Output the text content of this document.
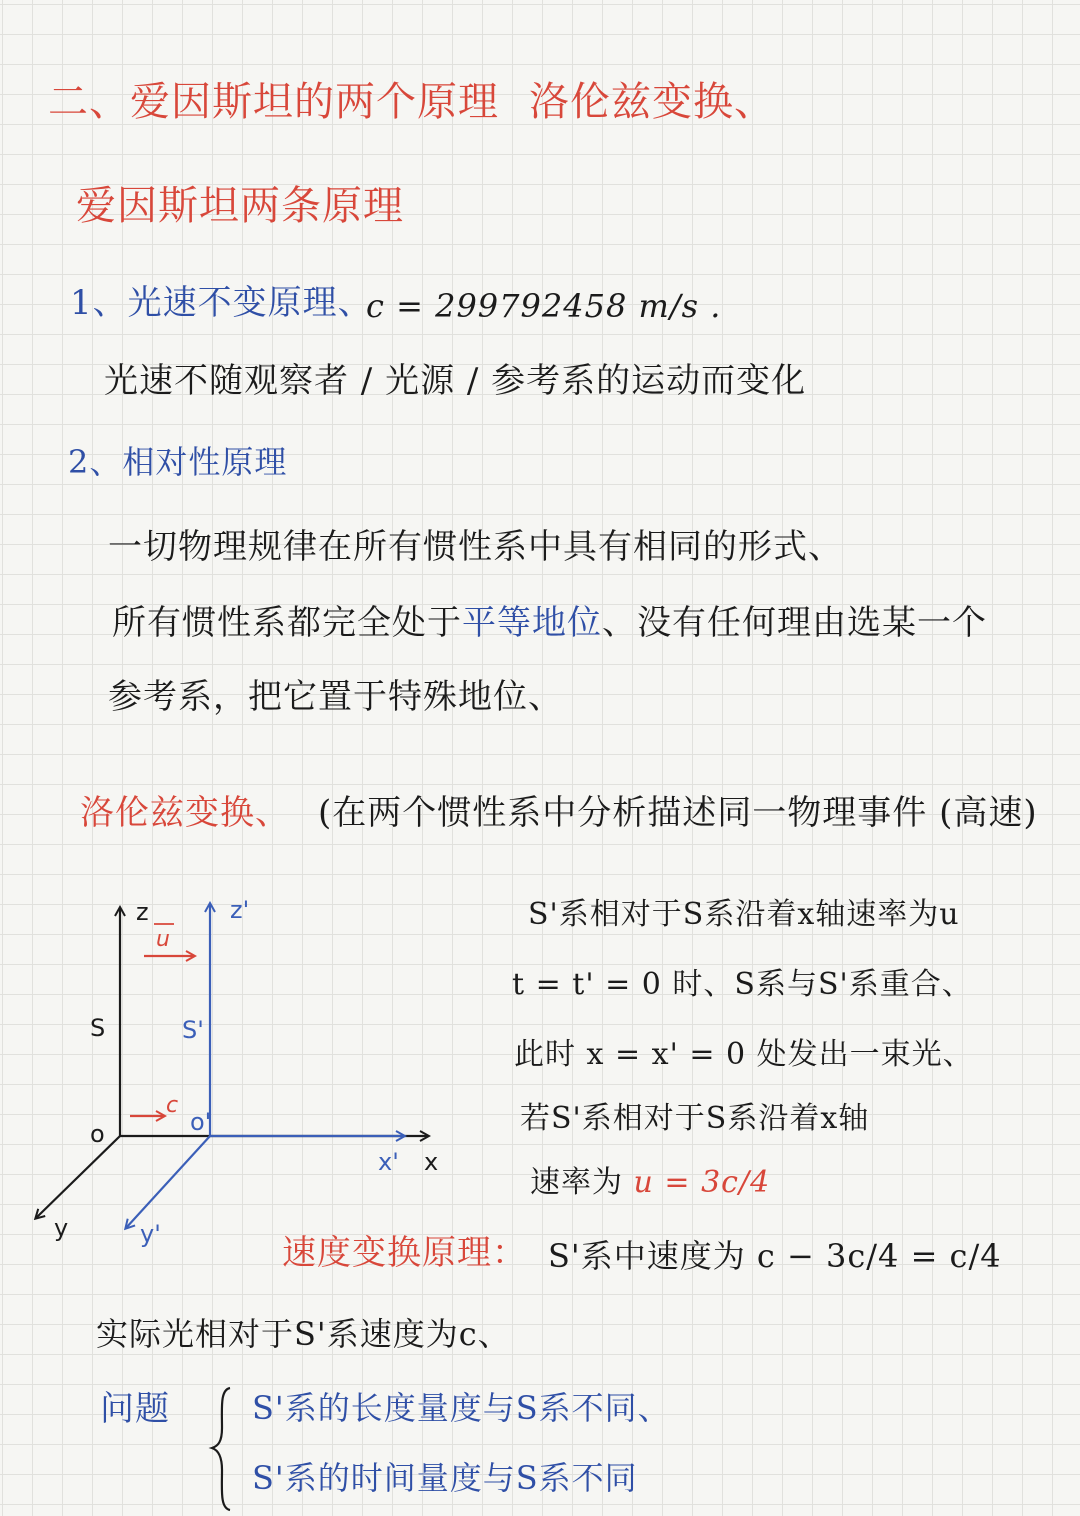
二、爱因斯坦的两个原理 洛伦兹变换、
爱因斯坦两条原理
1、光速不变原理、
c = 299792458 m/s .
光速不随观察者 / 光源 / 参考系的运动而变化
2、相对性原理
一切物理规律在所有惯性系中具有相同的形式、
所有惯性系都完全处于平等地位、没有任何理由选某一个
参考系，把它置于特殊地位、
洛伦兹变换、 (在两个惯性系中分析描述同一物理事件 (高速)
z
S
o
x
y
z'
S'
o'
x'
y'
u
c
S'系相对于S系沿着x轴速率为u
t = t' = 0 时、S系与S'系重合、
此时 x = x' = 0 处发出一束光、
若S'系相对于S系沿着x轴
速率为 u = 3c/4
速度变换原理： S'系中速度为 c − 3c/4 = c/4
实际光相对于S'系速度为c、
问题	S'系的长度量度与S系不同、
S'系的时间量度与S系不同
